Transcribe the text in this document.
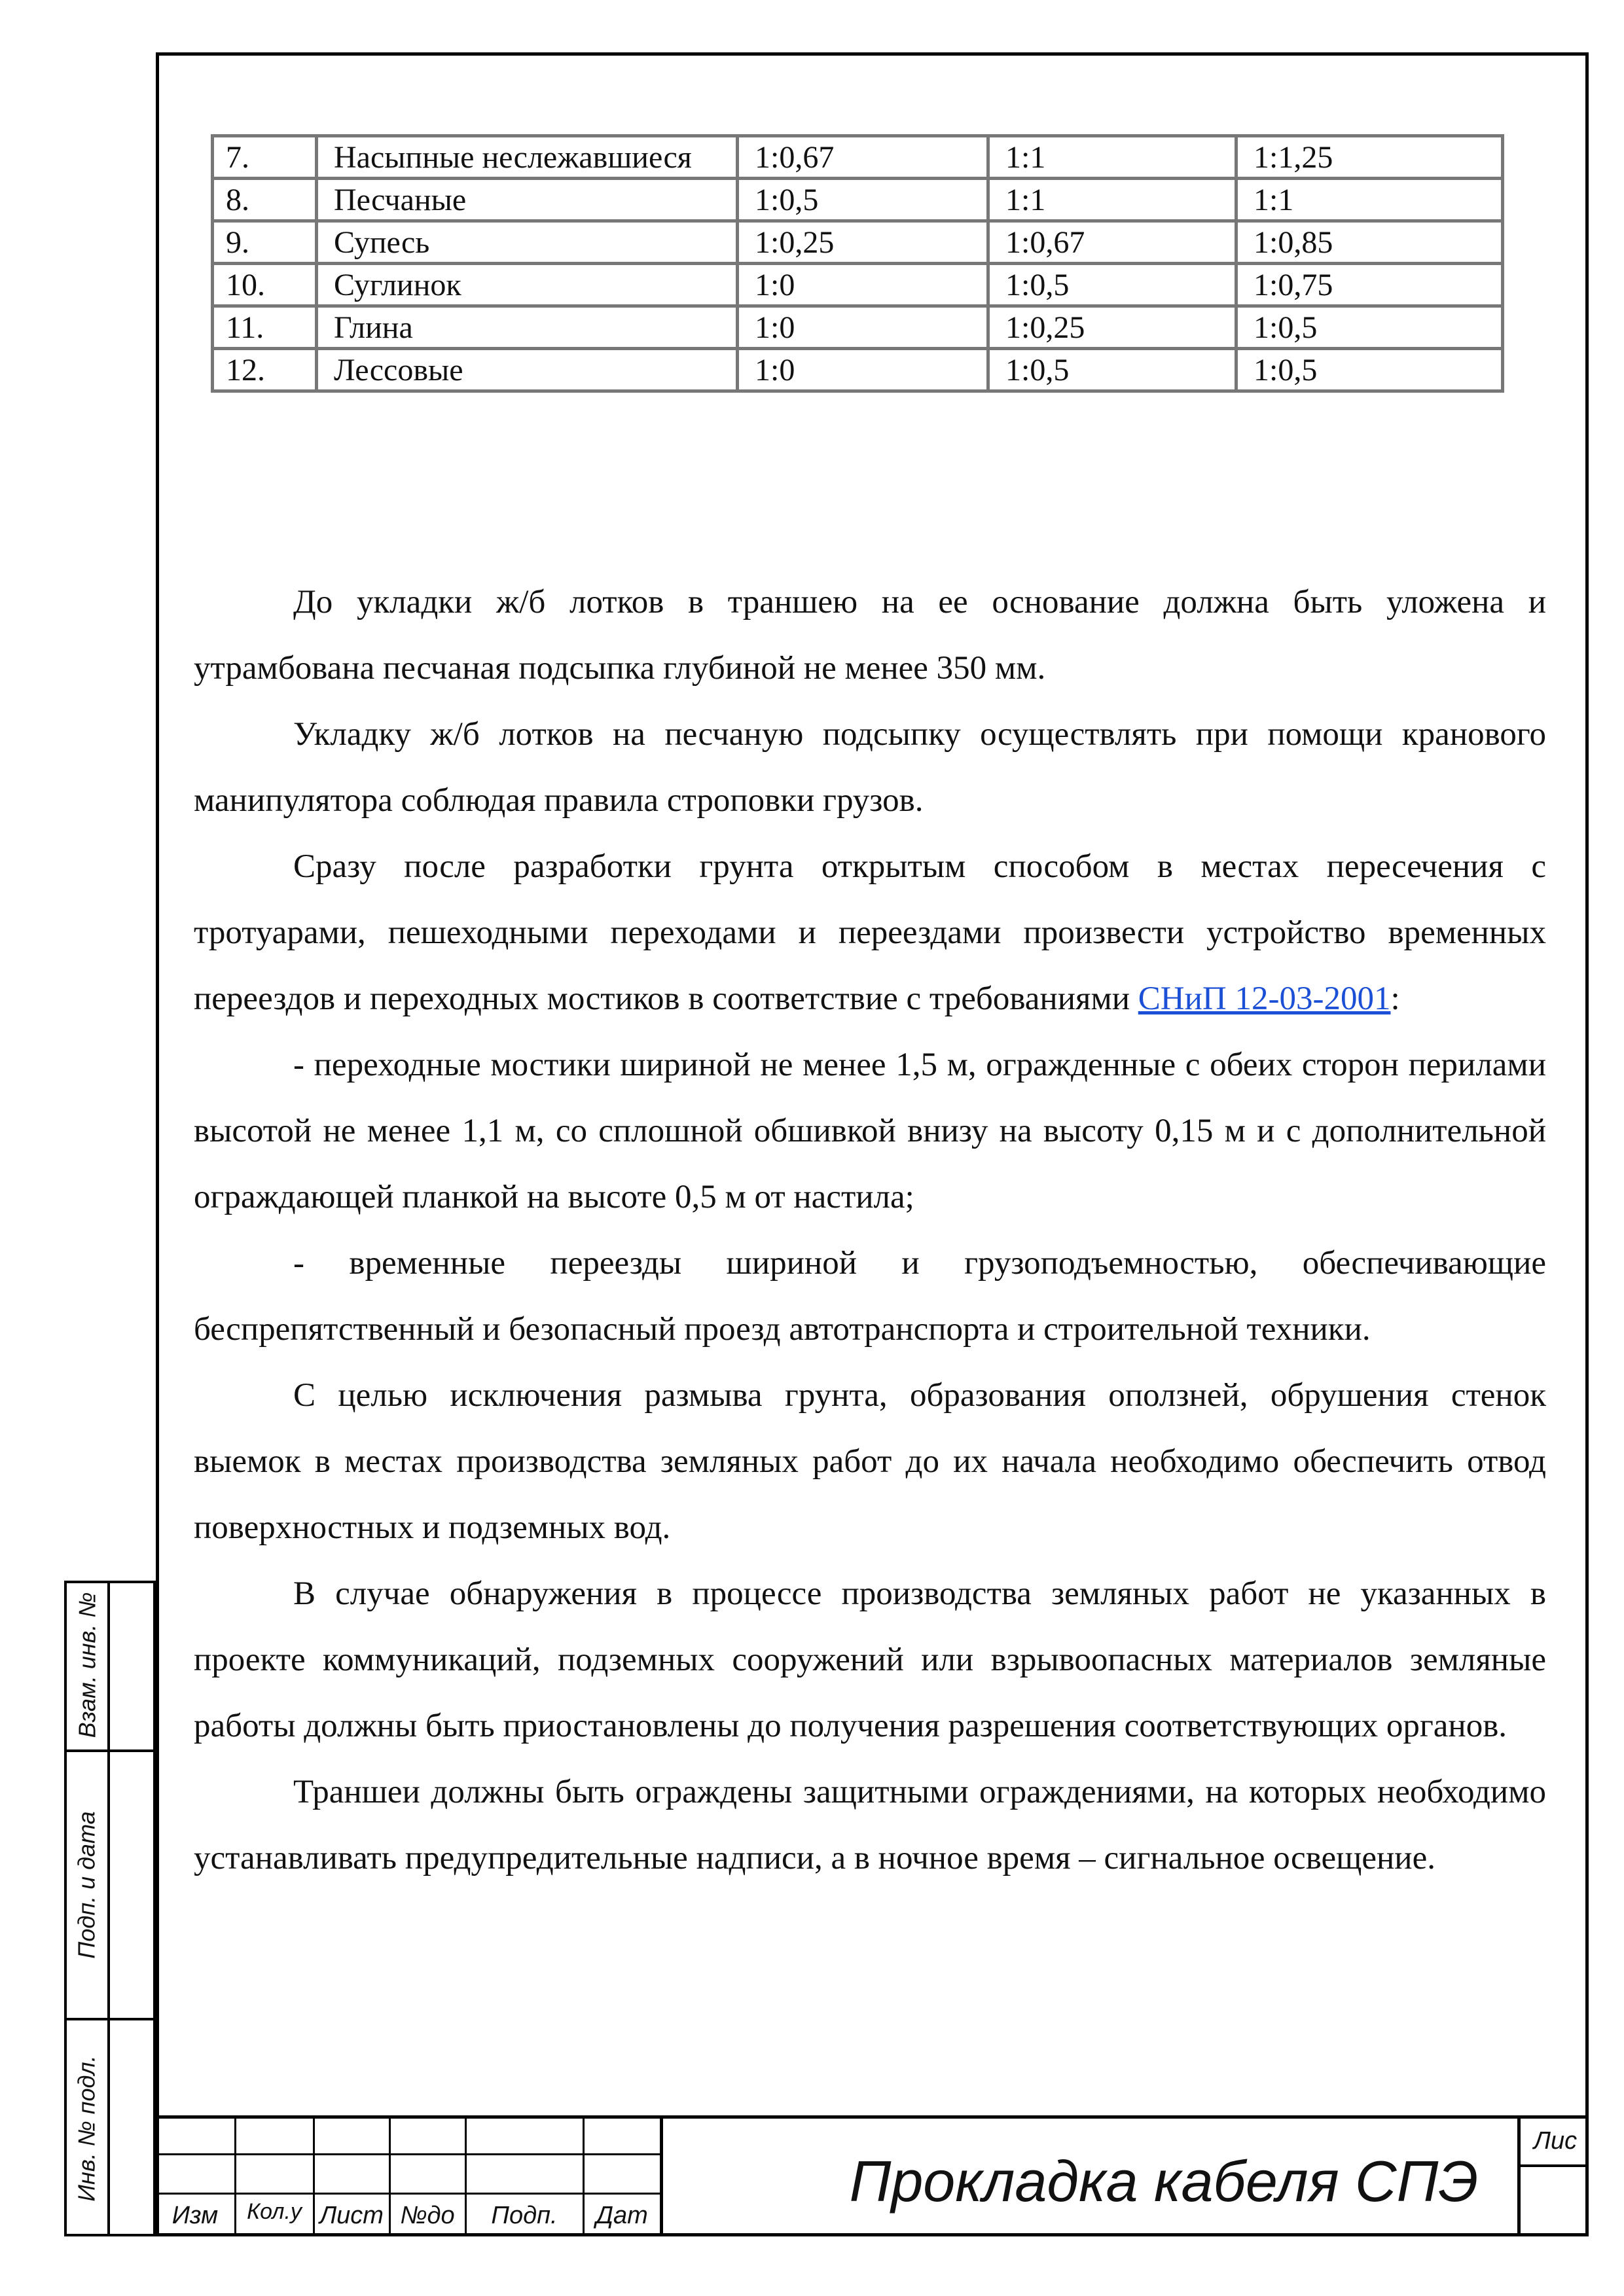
7.	Насыпные неслежавшиеся	1:0,67	1:1	1:1,25
8.	Песчаные	1:0,5	1:1	1:1
9.	Супесь	1:0,25	1:0,67	1:0,85
10.	Суглинок	1:0	1:0,5	1:0,75
11.	Глина	1:0	1:0,25	1:0,5
12.	Лессовые	1:0	1:0,5	1:0,5

До укладки ж/б лотков в траншею на ее основание должна быть уложена и утрамбована песчаная подсыпка глубиной не менее 350 мм.

Укладку ж/б лотков на песчаную подсыпку осуществлять при помощи кранового манипулятора соблюдая правила строповки грузов.

Сразу после разработки грунта открытым способом в местах пересечения с тротуарами, пешеходными переходами и переездами произвести устройство временных переездов и переходных мостиков в соответствие с требованиями СНиП 12-03-2001:

- переходные мостики шириной не менее 1,5 м, огражденные с обеих сторон перилами высотой не менее 1,1 м, со сплошной обшивкой внизу на высоту 0,15 м и с дополнительной ограждающей планкой на высоте 0,5 м от настила;

- временные переезды шириной и грузоподъемностью, обеспечивающие беспрепятственный и безопасный проезд автотранспорта и строительной техники.

С целью исключения размыва грунта, образования оползней, обрушения стенок выемок в местах производства земляных работ до их начала необходимо обеспечить отвод поверхностных и подземных вод.

В случае обнаружения в процессе производства земляных работ не указанных в проекте коммуникаций, подземных сооружений или взрывоопасных материалов земляные работы должны быть приостановлены до получения разрешения соответствующих органов.

Траншеи должны быть ограждены защитными ограждениями, на которых необходимо устанавливать предупредительные надписи, а в ночное время – сигнальное освещение.

Взам. инв. №
Подп. и дата
Инв. № подл.
Изм	Кол.у Лист №до	Подп.	Дат
Прокладка кабеля СПЭ
Лис
